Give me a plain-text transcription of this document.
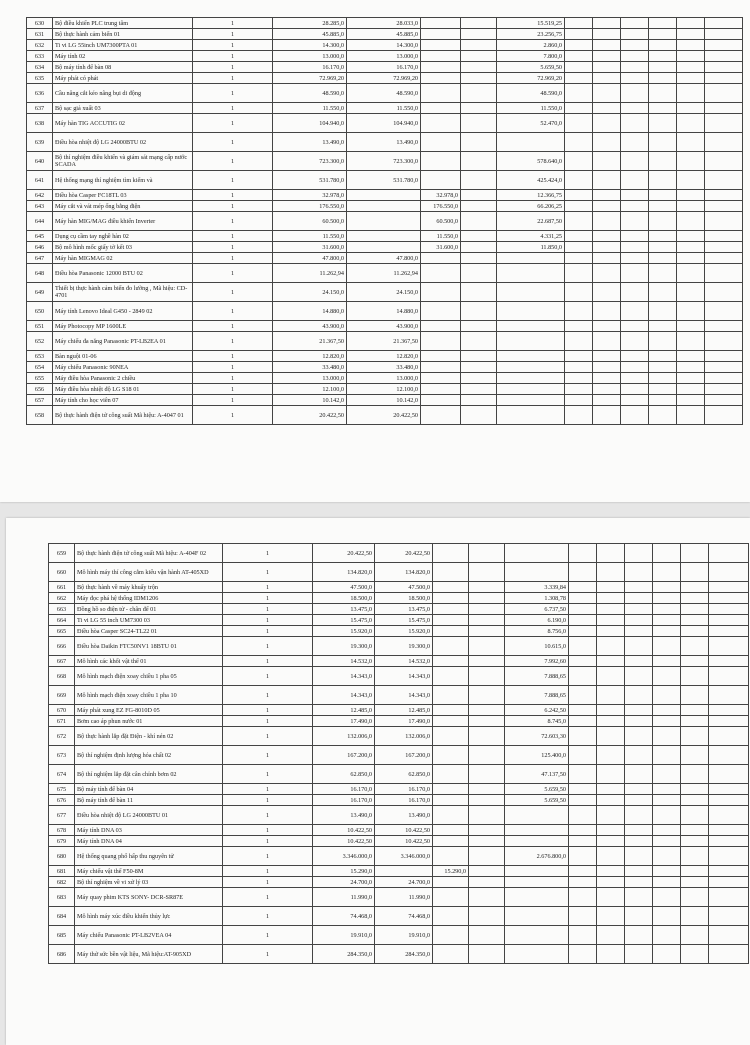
630	Bộ điều khiển PLC trung tâm	1	28.285,0	28.033,0			15.519,25						
631	Bộ thực hành cảm biến 01	1	45.885,0	45.885,0			23.256,75						
632	Ti vi LG 55inch UM7300PTA 01	1	14.300,0	14.300,0			2.860,0						
633	Máy tính 02	1	13.000,0	13.000,0			7.800,0						
634	Bộ máy tính để bàn 08	1	16.170,0	16.170,0			5.659,50						
635	Máy phát có phát	1	72.969,20	72.969,20			72.969,20						
636	Cầu nâng cắt kéo nâng bụi di động	1	48.590,0	48.590,0			48.590,0						
637	Bộ sạc giả xuất 03	1	11.550,0	11.550,0			11.550,0						
638	Máy hàn TIG ACCUTIG 02	1	104.940,0	104.940,0			52.470,0						
639	Điều hòa nhiệt độ LG 24000BTU 02	1	13.490,0	13.490,0									
640	Bộ thí nghiệm điều khiển và giám sát mạng cấp nước SCADA	1	723.300,0	723.300,0			578.640,0						
641	Hệ thống mạng thí nghiệm tìm kiếm và	1	531.780,0	531.780,0			425.424,0						
642	Điều hòa Casper FC18TL 03	1	32.978,0		32.978,0		12.366,75						
643	Máy cắt và vát mép ống bằng điện	1	176.550,0		176.550,0		66.206,25						
644	Máy hàn MIG/MAG điều khiển Inverter	1	60.500,0		60.500,0		22.687,50						
645	Dụng cụ cầm tay nghề hàn 02	1	11.550,0		11.550,0		4.331,25						
646	Bộ mô hình mốc giấy tờ kết 03	1	31.600,0		31.600,0		11.850,0						
647	Máy hàn MIGMAG 02	1	47.800,0	47.800,0									
648	Điều hòa Panasonic 12000 BTU 02	1	11.262,94	11.262,94									
649	Thiết bị thực hành cảm biến đo lường , Mã hiệu: CD-4701	1	24.150,0	24.150,0									
650	Máy tính Lenovo Ideal G450 - 2849 02	1	14.880,0	14.880,0									
651	Máy Photocopy MP 1600LE	1	43.900,0	43.900,0									
652	Máy chiếu đa năng Panasonic PT-LB2EA 01	1	21.367,50	21.367,50									
653	Bàn nguội 01-06	1	12.820,0	12.820,0									
654	Máy chiếu Panasonic 90NEA	1	33.480,0	33.480,0									
655	Máy điều hòa Panasonic 2 chiều	1	13.000,0	13.000,0									
656	Máy điều hòa nhiệt độ LG S18 01	1	12.100,0	12.100,0									
657	Máy tính cho học viên 07	1	10.142,0	10.142,0									
658	Bộ thực hành điện tử công suất Mã hiệu: A-4047 01	1	20.422,50	20.422,50									
659	Bộ thực hành điện tử công suất Mã hiệu: A-404F 02	1	20.422,50	20.422,50									
660	Mô hình máy thí công cắm kiểu vận hành AT-405XD	1	134.820,0	134.820,0									
661	Bộ thực hành về máy khuấy trộn	1	47.500,0	47.500,0			3.339,84						
662	Máy đọc phá hệ thống IDM1206	1	18.500,0	18.500,0			1.308,78						
663	Đồng hồ so điện tử - chân đế 01	1	13.475,0	13.475,0			6.737,50						
664	Ti vi LG 55 inch UM7300 03	1	15.475,0	15.475,0			6.190,0						
665	Điều hòa Casper SC24-TL22 01	1	15.920,0	15.920,0			8.756,0						
666	Điều hòa Daikin FTC50NV1 18BTU 01	1	19.300,0	19.300,0			10.615,0						
667	Mô hình các khối vật thể 01	1	14.532,0	14.532,0			7.992,60						
668	Mô hình mạch điện xoay chiều 1 pha 05	1	14.343,0	14.343,0			7.888,65						
669	Mô hình mạch điện xoay chiều 1 pha 10	1	14.343,0	14.343,0			7.888,65						
670	Máy phát xung EZ FG-8010D 05	1	12.485,0	12.485,0			6.242,50						
671	Bơm cao áp phun nước 01	1	17.490,0	17.490,0			8.745,0						
672	Bộ thực hành lắp đặt Điện - khí nén 02	1	132.006,0	132.006,0			72.603,30						
673	Bộ thí nghiệm định lượng hóa chất 02	1	167.200,0	167.200,0			125.400,0						
674	Bộ thí nghiệm lắp đặt cân chỉnh bơm 02	1	62.850,0	62.850,0			47.137,50						
675	Bộ máy tính để bàn 04	1	16.170,0	16.170,0			5.659,50						
676	Bộ máy tính để bàn 11	1	16.170,0	16.170,0			5.659,50						
677	Điều hòa nhiệt độ LG 24000BTU 01	1	13.490,0	13.490,0									
678	Máy tính DNA 03	1	10.422,50	10.422,50									
679	Máy tính DNA 04	1	10.422,50	10.422,50									
680	Hệ thống quang phổ hấp thu nguyên tử	1	3.346.000,0	3.346.000,0			2.676.800,0						
681	Máy chiếu vật thể F50-8M	1	15.290,0		15.290,0								
682	Bộ thí nghiệm về vi xử lý 03	1	24.700,0	24.700,0									
683	Máy quay phim KTS SONY- DCR-SR87E	1	11.990,0	11.990,0									
684	Mô hình máy xúc điều khiển thủy lực	1	74.468,0	74.468,0									
685	Máy chiếu Panasonic PT-LB2VEA 04	1	19.910,0	19.910,0									
686	Máy thử sức bền vật liệu, Mã hiệu:AT-905XD	1	284.350,0	284.350,0									
